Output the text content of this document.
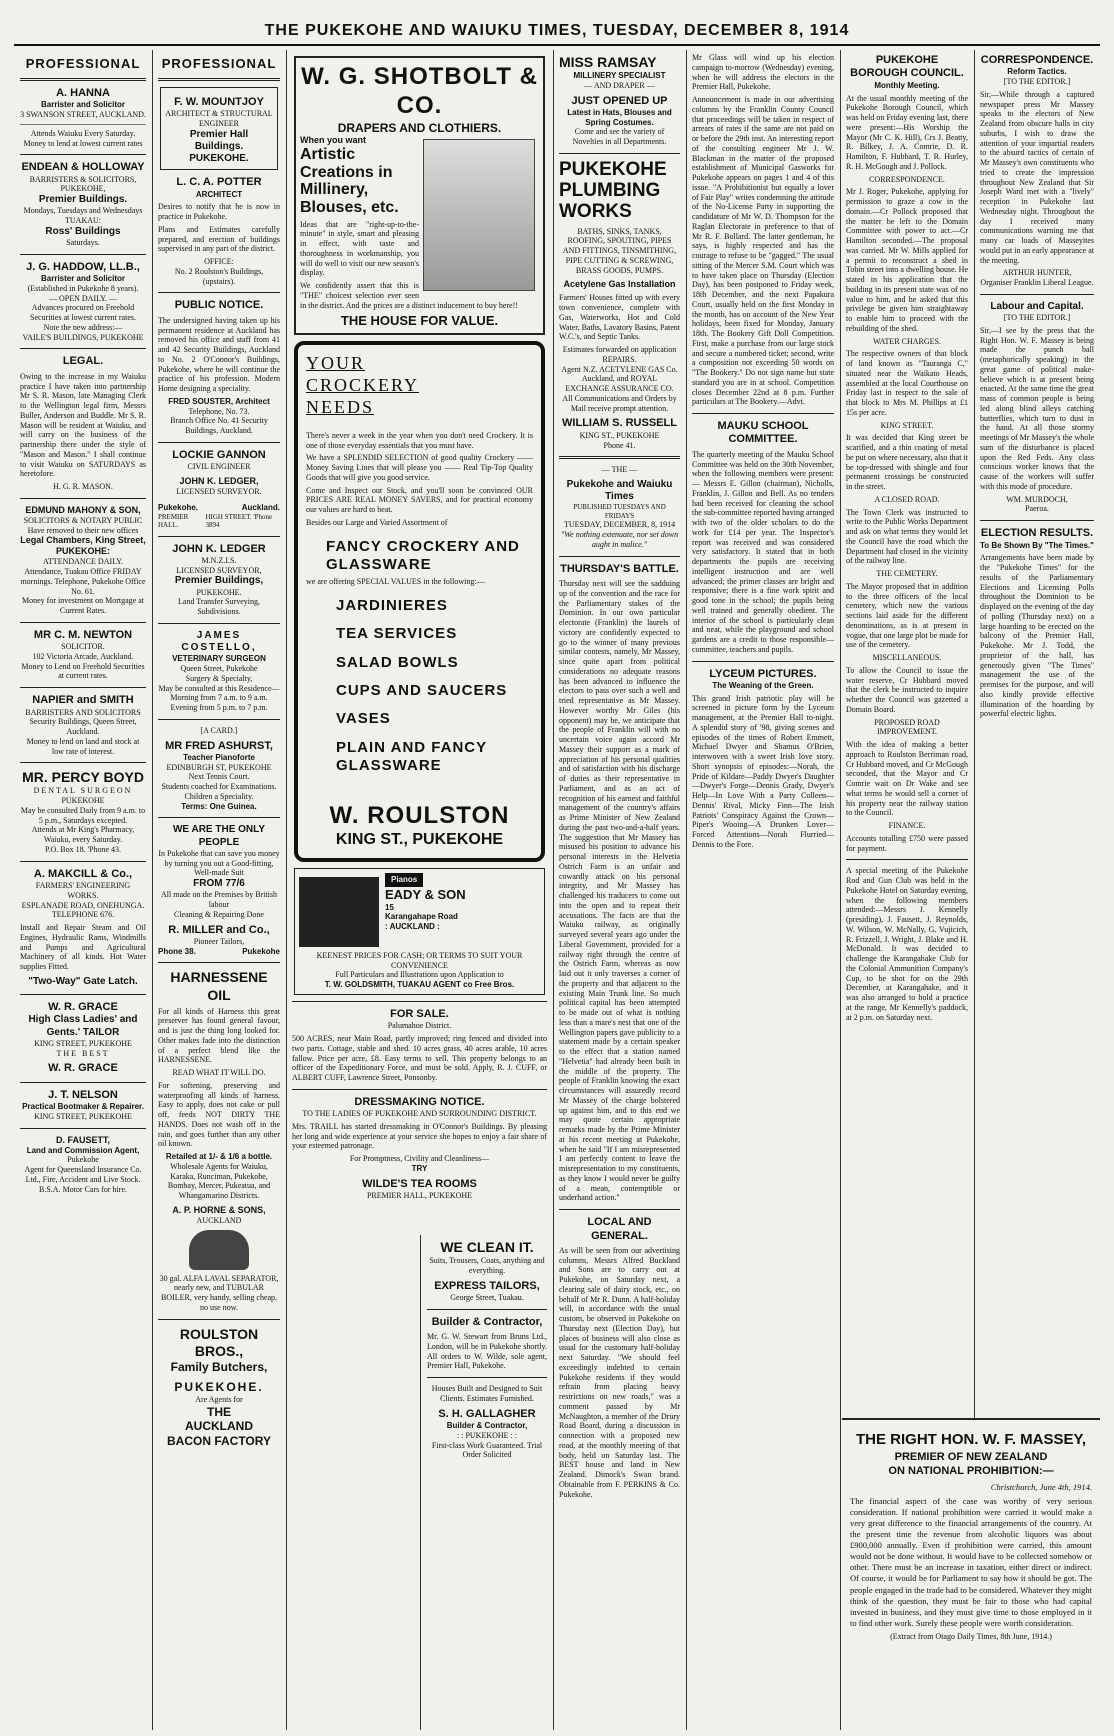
THE PUKEKOHE AND WAIUKU TIMES, TUESDAY, DECEMBER 8, 1914
PROFESSIONAL
A. HANNA
Barrister and Solicitor
3 SWANSON STREET, AUCKLAND.
Attends Waiuku Every Saturday.
Money to lend at lowest current rates
ENDEAN & HOLLOWAY
BARRISTERS & SOLICITORS,
PUKEKOHE,
Premier Buildings.
Mondays, Tuesdays and Wednesdays
TUAKAU:
Ross' Buildings
Saturdays.
J. G. HADDOW, LL.B.,
Barrister and Solicitor
(Established in Pukekohe 8 years).
— OPEN DAILY. —
Advances procured on Freehold Securities at lowest current rates.
Note the new address:—
VAILE'S BUILDINGS, PUKEKOHE
LEGAL.

Owing to the increase in my Waiuku practice I have taken into partnership Mr S. R. Mason, late Managing Clerk to the Wellington legal firm, Messrs Buller, Anderson and Buddle. Mr S. R. Mason will be resident at Waiuku, and will carry on the business of the partnership there under the style of "Mason and Mason." I shall continue to visit Waiuku on SATURDAYS as heretofore.

H. G. R. MASON.
EDMUND MAHONY & SON,
SOLICITORS & NOTARY PUBLIC
Have removed to their new offices
Legal Chambers, King Street, PUKEKOHE:
ATTENDANCE DAILY.
Attendance, Tuakau Office FRIDAY mornings. Telephone, Pukekohe Office No. 61.
Money for investment on Mortgage at Current Rates.
MR C. M. NEWTON
SOLICITOR.
102 Victoria Arcade, Auckland.
Money to Lend on Freehold Securities at current rates.
NAPIER and SMITH
BARRISTERS AND SOLICITORS
Security Buildings, Queen Street, Auckland.
Money to lend on land and stock at low rate of interest.
MR. PERCY BOYD
DENTAL SURGEON
PUKEKOHE
May be consulted Daily from 9 a.m. to 5 p.m., Saturdays excepted.
Attends at Mr King's Pharmacy, Waiuku, every Saturday.
P.O. Box 18. 'Phone 43.
A. MAKCILL & Co.,
FARMERS' ENGINEERING WORKS.
ESPLANADE ROAD, ONEHUNGA.
TELEPHONE 676.

Install and Repair Steam and Oil Engines, Hydraulic Rams, Windmills and Pumps and Agricultural Machinery of all kinds. Hot Water supplies Fitted.

"Two-Way" Gate Latch.
W. R. GRACE
High Class Ladies' and Gents.' TAILOR
KING STREET, PUKEKOHE
THE BEST
W. R. GRACE
J. T. NELSON
Practical Bootmaker & Repairer.
KING STREET, PUKEKOHE
D. FAUSETT,
Land and Commission Agent,
Pukekohe
Agent for Queensland Insurance Co. Ltd., Fire, Accident and Live Stock. B.S.A. Motor Cars for hire.
PROFESSIONAL
F. W. MOUNTJOY
ARCHITECT & STRUCTURAL ENGINEER
Premier Hall Buildings. PUKEKOHE.
L. C. A. POTTER
ARCHITECT

Desires to notify that he is now in practice in Pukekohe.

Plans and Estimates carefully prepared, and erection of buildings supervised in any part of the district.

OFFICE:
No. 2 Roulston's Buildings, (upstairs).
PUBLIC NOTICE.

The undersigned having taken up his permanent residence at Auckland has removed his office and staff from 41 and 42 Security Buildings, Auckland to No. 2 O'Connor's Buildings, Pukekohe, where he will continue the practice of his profession. Modern Home designing a speciality.

FRED SOUSTER, Architect
Telephone, No. 73.
Branch Office No. 41 Security Buildings, Auckland.
LOCKIE GANNON
CIVIL ENGINEER
JOHN K. LEDGER,
LICENSED SURVEYOR.
Pukekohe.	Auckland.
PREMIER HALL.
HIGH STREET. 'Phone 3894
JOHN K. LEDGER
M.N.Z.I.S.
LICENSED SURVEYOR,
Premier Buildings,
PUKEKOHE.
Land Transfer Surveying, Subdivisions.
JAMES COSTELLO,
VETERINARY SURGEON
Queen Street, Pukekohe
Surgery & Specialty,
May be consulted at this Residence— Morning from 7 a.m. to 9 a.m. Evening from 5 p.m. to 7 p.m.
[A CARD.]
MR FRED ASHURST,
Teacher Pianoforte
EDINBURGH ST, PUKEKOHE
Next Tennis Court.
Students coached for Examinations. Children a Speciality.
Terms: One Guinea.
WE ARE THE ONLY PEOPLE
In Pukekohe that can save you money by turning you out a Good-fitting, Well-made Suit
FROM 77/6
All made on the Premises by British labour
Cleaning & Repairing Done
R. MILLER and Co.,
Pioneer Tailors,
Phone 38.	Pukekohe
HARNESSENE OIL

For all kinds of Harness this great preserver has found general favour, and is just the thing long looked for. Other makes fade into the distinction of a perfect blend like the HARNESSENE.

READ WHAT IT WILL DO.

For softening, preserving and waterproofing all kinds of harness. Easy to apply, does not cake or pull off, feeds NOT DIRTY THE HANDS. Does not wash off in the rain, and goes further than any other oil known.

Retailed at 1/- & 1/6 a bottle.
Wholesale Agents for Waiuku, Karaka, Runciman, Pukekohe, Bombay, Mercer, Pukeatua, and Whangamarino Districts.
A. P. HORNE & SONS,
AUCKLAND
30 gal. ALFA LAVAL SEPARATOR, nearly new, and TUBULAR BOILER, very handy, selling cheap, no use now.
ROULSTON BROS.,
Family Butchers,
PUKEKOHE.
Are Agents for
THE
AUCKLAND
BACON FACTORY
W. G. SHOTBOLT & CO.
DRAPERS AND CLOTHIERS.
When you want
Artistic Creations in Millinery, Blouses, etc.

Ideas that are "right-up-to-the-minute" in style, smart and pleasing in effect, with taste and thoroughness in workmanship, you will do well to visit our new season's display.

We confidently assert that this is "THE" choicest selection ever seen in the district. And the prices are a distinct inducement to buy here!!

THE HOUSE FOR VALUE.
YOUR
CROCKERY
NEEDS

There's never a week in the year when you don't need Crockery. It is one of those everyday essentials that you must have.

We have a SPLENDID SELECTION of good quality Crockery —— Money Saving Lines that will please you —— Real Tip-Top Quality Goods that will give you good service.

Come and Inspect our Stock, and you'll soon be convinced OUR PRICES ARE REAL MONEY SAVERS, and for practical economy our values are hard to beat.

Besides our Large and Varied Assortment of

FANCY CROCKERY AND GLASSWARE

we are offering SPECIAL VALUES in the following:—

JARDINIERES
TEA SERVICES
SALAD BOWLS
CUPS AND SAUCERS
VASES
PLAIN AND FANCY GLASSWARE
W. ROULSTON
KING ST., PUKEKOHE
Pianos
EADY & SON
15
Karangahape Road
: AUCKLAND :
KEENEST PRICES FOR CASH; OR TERMS TO SUIT YOUR CONVENIENCE
Full Particulars and Illustrations upon Application to
T. W. GOLDSMITH, TUAKAU AGENT co Free Bros.
FOR SALE.
Palumahoe District.

500 ACRES, near Main Road, partly improved; ring fenced and divided into two parts. Cottage, stable and shed. 10 acres grass, 40 acres arable, 10 acres fallow. Price per acre, £8. Easy terms to sell. This property belongs to an officer of the Expeditionary Force, and must be sold. Apply, R. J. CUFF, or ALBERT CUFF, Lawrence Street, Ponsonby.

DRESSMAKING NOTICE.
TO THE LADIES OF PUKEKOHE AND SURROUNDING DISTRICT.

Mrs. TRAILL has started dressmaking in O'Connor's Buildings. By pleasing her long and wide experience at your service she hopes to enjoy a fair share of your esteemed patronage.

For Promptness, Civility and Cleanliness—
TRY
WILDE'S TEA ROOMS
PREMIER HALL, PUKEKOHE
WE CLEAN IT.
Suits, Trousers, Coats, anything and everything.
EXPRESS TAILORS,
George Street, Tuakau.
Builder & Contractor,

Mr. G. W. Stewart from Bruns Ltd., London, will be in Pukekohe shortly. All orders to W. Wilde, sole agent, Premier Hall, Pukekohe.

Houses Built and Designed to Suit Clients. Estimates Furnished.
S. H. GALLAGHER
Builder & Contractor,
: : PUKEKOHE : :
First-class Work Guaranteed. Trial Order Solicited
MISS RAMSAY
MILLINERY SPECIALIST
— AND DRAPER —
JUST OPENED UP
Latest in Hats, Blouses and Spring Costumes.
Come and see the variety of Novelties in all Departments.
PUKEKOHE PLUMBING WORKS
BATHS, SINKS, TANKS, ROOFING, SPOUTING, PIPES AND FITTINGS, TINSMITHING, PIPE CUTTING & SCREWING, BRASS GOODS, PUMPS.
Acetylene Gas Installation

Farmers' Houses fitted up with every town convenience, complete with Gas, Waterworks, Hot and Cold Water, Baths, Lavatory Basins, Patent W.C.'s, and Septic Tanks.

Estimates forwarded on application REPAIRS.
Agent N.Z. ACETYLENE GAS Co. Auckland, and ROYAL EXCHANGE ASSURANCE CO.
All Communications and Orders by Mail receive prompt attention.
WILLIAM S. RUSSELL
KING ST., PUKEKOHE
Phone 41.
— THE —
Pukekohe and Waiuku Times
PUBLISHED TUESDAYS AND FRIDAYS
TUESDAY, DECEMBER, 8, 1914
"We nothing extenuate, nor set down aught in malice."
THURSDAY'S BATTLE.

Thursday next will see the sadduing up of the convention and the race for the Parliamentary stakes of the Dominion. In our own particular electorate (Franklin) the laurels of victory are confidently expected to go to the winner of many previous similar contests, namely, Mr Massey, since quite apart from political considerations no adequate reasons has been advanced to influence the electors to pass over such a well and tried representative as Mr Massey. However worthy Mr Giles (his opponent) may be, we anticipate that the people of Franklin will with no uncertain voice again accord Mr Massey their support as a mark of appreciation of his personal qualities and of satisfaction with his discharge of duties as their representative in Parliament, and as an act of recognition of his earnest and faithful management of the country's affairs as Prime Minister of New Zealand during the past two-and-a-half years. The suggestion that Mr Massey has misused his position to advance his personal interests in the Helvetia Ostrich Farm is an unfair and cowardly attack on his personal integrity, and Mr Massey has challenged his traducers to come out into the open and to repeat their accusations. The facts are that the Waiuku railway, as originally surveyed several years ago under the Liberal Government, provided for a railway right through the centre of the Ostrich Farm, whereas as now laid out it only traverses a corner of the property and that adjacent to the existing Main Trunk line. So much political capital has been attempted to be made out of what is nothing less than a mare's nest that one of the Wellington papers gave publicity to a statement made by a certain speaker to the effect that a station named "Helvetia" had already been built in the middle of the property. The people of Franklin knowing the exact circumstances will assuredly record Mr Massey of the charge bolstered up against him, and to this end we may quote certain appropriate remarks made by the Prime Minister at his recent meeting at Pukekohe, when he said "If I am misrepresented I am perfectly content to leave the misrepresentation to my constituents, as they know I would never be guilty of a mean, contemptible or underhand action."

LOCAL AND GENERAL.

As will be seen from our advertising columns, Messrs Alfred Buckland and Sons are to carry out at Pukekohe, on Saturday next, a clearing sale of dairy stock, etc., on behalf of Mr R. Dunn. A half-holiday will, in accordance with the usual custom, be observed in Pukekohe on Thursday next (Election Day), but places of business will also close as usual for the customary half-holiday next Saturday. "We should feel exceedingly indebted to certain Pukekohe residents if they would refrain from placing heavy restrictions on new roads," was a comment passed by Mr McNaughton, a member of the Drury Road Board, during a discussion in connection with a proposed new road, at the monthly meeting of that body, held on Saturday last. The BEST house and land in New Zealand. Dimock's Swan brand. Obtainable from F. PERKINS & Co. Pukekohe.

Mr Glass will wind up his election campaign to-morrow (Wednesday) evening, when he will address the electors in the Premier Hall, Pukekohe.

Announcement is made in our advertising columns by the Franklin County Council that proceedings will be taken in respect of arrears of rates if the same are not paid on or before the 29th inst. An interesting report of the consulting engineer Mr J. W. Blackman in the matter of the proposed establishment of Municipal Gasworks for Pukekohe appears on pages 1 and 4 of this issue. "A Prohibitionist but equally a lover of Fair Play" writes condemning the attitude of the No-License Party in supporting the candidature of Mr W. D. Thompson for the Raglan Electorate in preference to that of Mr R. F. Bollard. The latter gentleman, he says, is highly respected and has the courage to refuse to be "gagged." The usual sitting of the Mercer S.M. Court which was to have taken place on Thursday (Election Day), has been postponed to Friday week, 18th December, and the next Papakura Court, usually held on the first Monday in the month, has on account of the New Year holidays, been fixed for Monday, January 18th. The Bookery Gift Doll Competition. First, make a purchase from our large stock and secure a numbered ticket; second, write a composition not exceeding 50 words on "The Bookery." Do not sign name but state standard you are in at school. Competition closes December 22nd at 8 p.m. Further particulars at The Bookery.—Advt.

MAUKU SCHOOL COMMITTEE.

The quarterly meeting of the Mauku School Committee was held on the 30th November, when the following members were present:— Messrs E. Gillon (chairman), Nicholls, Franklin, J. Gillon and Bell. As no tenders had been received for cleaning the school the sub-committee reported having arranged with two of the older scholars to do the work for £14 per year. The Inspector's report was received and was considered very satisfactory. It stated that in both departments the pupils are receiving intelligent instruction and are well advanced; the primer classes are bright and responsive; there is a fine work spirit and good tone in the school; the pupils being well trained and generally obedient. The interior of the school is particularly clean and neat, while the playground and school gardens are a credit to those responsible—committee, teachers and pupils.

LYCEUM PICTURES.
The Weaning of the Green.

This grand Irish patriotic play will be screened in picture form by the Lyceum management, at the Premier Hall to-night. A splendid story of '98, giving scenes and episodes of the times of Robert Emmett, Michael Dwyer and Shamus O'Brien, interwoven with a sweet Irish love story. Short synopsis of episodes:—Norah, the Pride of Kildare—Paddy Dwyer's Daughter—Dwyer's Forge—Dennis Grady, Dwyer's Help—In Love With a Party Colleen—Dennis' Rival, Micky Finn—The Irish Patriots' Conspiracy Against the Crown—Piper's Wooing—A Drunken Lover—Forced Attentions—Norah Flurried—Dennis to the Fore.

PUKEKOHE BOROUGH COUNCIL.
Monthly Meeting.

At the usual monthly meeting of the Pukekohe Borough Council, which was held on Friday evening last, there were present:—His Worship the Mayor (Mr C. K. Hill), Crs J. Beatty, R. Bilkey, J. A. Comrie, D. R. Hamilton, F. Hubbard, T. R. Hurley, R. H. McGough and J. Pollock.

CORRESPONDENCE.

Mr J. Roger, Pukekohe, applying for permission to graze a cow in the domain.—Cr Pollock proposed that the matter be left to the Domain Committee with power to act.—Cr Hamilton seconded.—The proposal was carried. Mr W. Mills applied for a permit to reconstruct a shed in Tobin street into a dwelling house. He stated in his application that the building in its present state was of no value to him, and he asked that this privilege be given him straightaway to enable him to proceed with the rebuilding of the shed.

WATER CHARGES.

The respective owners of that block of land known as "Tauranga C," situated near the Waikato Heads, assembled at the local Courthouse on Friday last in respect to the sale of that block to Mrs M. Phillips at £1 15s per acre.

KING STREET.

It was decided that King street be scarified, and a thin coating of metal be put on where necessary, also that it be top-dressed with shingle and four permanent crossings be constructed in the street.

A CLOSED ROAD.

The Town Clerk was instructed to write to the Public Works Department and ask on what terms they would let the Council have the road which the Department had closed in the vicinity of the railway line.

THE CEMETERY.

The Mayor proposed that in addition to the three officers of the local cemetery, which now the various sections laid aside for the different denominations, as is at present in vogue, that one large plot be made for use of the cemetery.

MISCELLANEOUS.

To allow the Council to issue the water reserve, Cr Hubbard moved that the clerk be instructed to inquire whether the Council was gazetted a Domain Board.

PROPOSED ROAD IMPROVEMENT.

With the idea of making a better approach to Roulston Berriman road, Cr Hubbard moved, and Cr McGough seconded, that the Mayor and Cr Comrie wait on Dr Wake and see what terms he would sell a corner of his property near the railway station to the Council.

FINANCE.

Accounts totalling £750 were passed for payment.

A special meeting of the Pukekohe Rod and Gun Club was held in the Pukekohe Hotel on Saturday evening, when the following members attended:—Messrs J. Kennelly (presiding), J. Fausett, J. Reynolds, W. Wilson, W. McNally, G. Vujicich, R. Frizzell, J. Wright, J. Blake and H. McDonald. It was decided to challenge the Karangahake Club for the Colonial Ammunition Company's Cup, to be shot for on the 29th December, at Karangahake, and it was also arranged to hold a practice at the range, Mr Kennelly's paddock, at 2 p.m. on Saturday next.

CORRESPONDENCE.
Reform Tactics.
[TO THE EDITOR.]

Sir,—While through a captured newspaper press Mr Massey speaks to the electors of New Zealand from obscure halls in city suburbs, I wish to draw the attention of your impartial readers to the absurd tactics of certain of Mr Massey's own constituents who tried to create the impression throughout New Zealand that Sir Joseph Ward met with a "lively" reception in Pukekohe last Wednesday night. Throughout the day I received many communications warning me that many car loads of Masseyites would put in an early appearance at the meeting.

ARTHUR HUNTER,
Organiser Franklin Liberal League.
Labour and Capital.
[TO THE EDITOR.]

Sir,—I see by the press that the Right Hon. W. F. Massey is being made the punch ball (metaphorically speaking) in the great game of political make-believe which is at present being enacted. At the same time the great mass of common people is being led along blind alleys catching butterflies, which turn to dust in the hand. At all those stormy meetings of Mr Massey's the whole sum of the disturbance is placed upon the Red Feds. Any class conscious worker knows that the cause of the workers will suffer with this mode of procedure.

WM. MURDOCH,
Paeroa.
ELECTION RESULTS.
To Be Shown By "The Times."

Arrangements have been made by the "Pukekohe Times" for the results of the Parliamentary Elections and Licensing Polls throughout the Dominion to be displayed on the evening of the day of polling (Thursday next) on a large hoarding to be erected on the balcony of the Premier Hall, Pukekohe. Mr J. Todd, the proprietor of the hall, has generously given "The Times" management the use of the premises for the purpose, and will also kindly provide effective illumination of the hoarding by powerful electric lights.

THE RIGHT HON. W. F. MASSEY,
PREMIER OF NEW ZEALAND
ON NATIONAL PROHIBITION:—
Christchurch, June 4th, 1914.

The financial aspect of the case was worthy of very serious consideration. If national prohibition were carried it would make a very great difference to the financial arrangements of the country. At the present time the revenue from alcoholic liquors was about £900,000 annually. Even if prohibition were carried, this amount would not be done without. It would have to be collected somehow or other. There must be an increase in taxation, either direct or indirect. Of course, it would be for Parliament to say how it should be got. The people engaged in the trade had to be considered. Whatever they might think of the question, they must be fair to those who had capital invested in business, and they must give time to those employed in it to find other work. Surely these people were worth consideration.

(Extract from Otago Daily Times, 8th June, 1914.)
